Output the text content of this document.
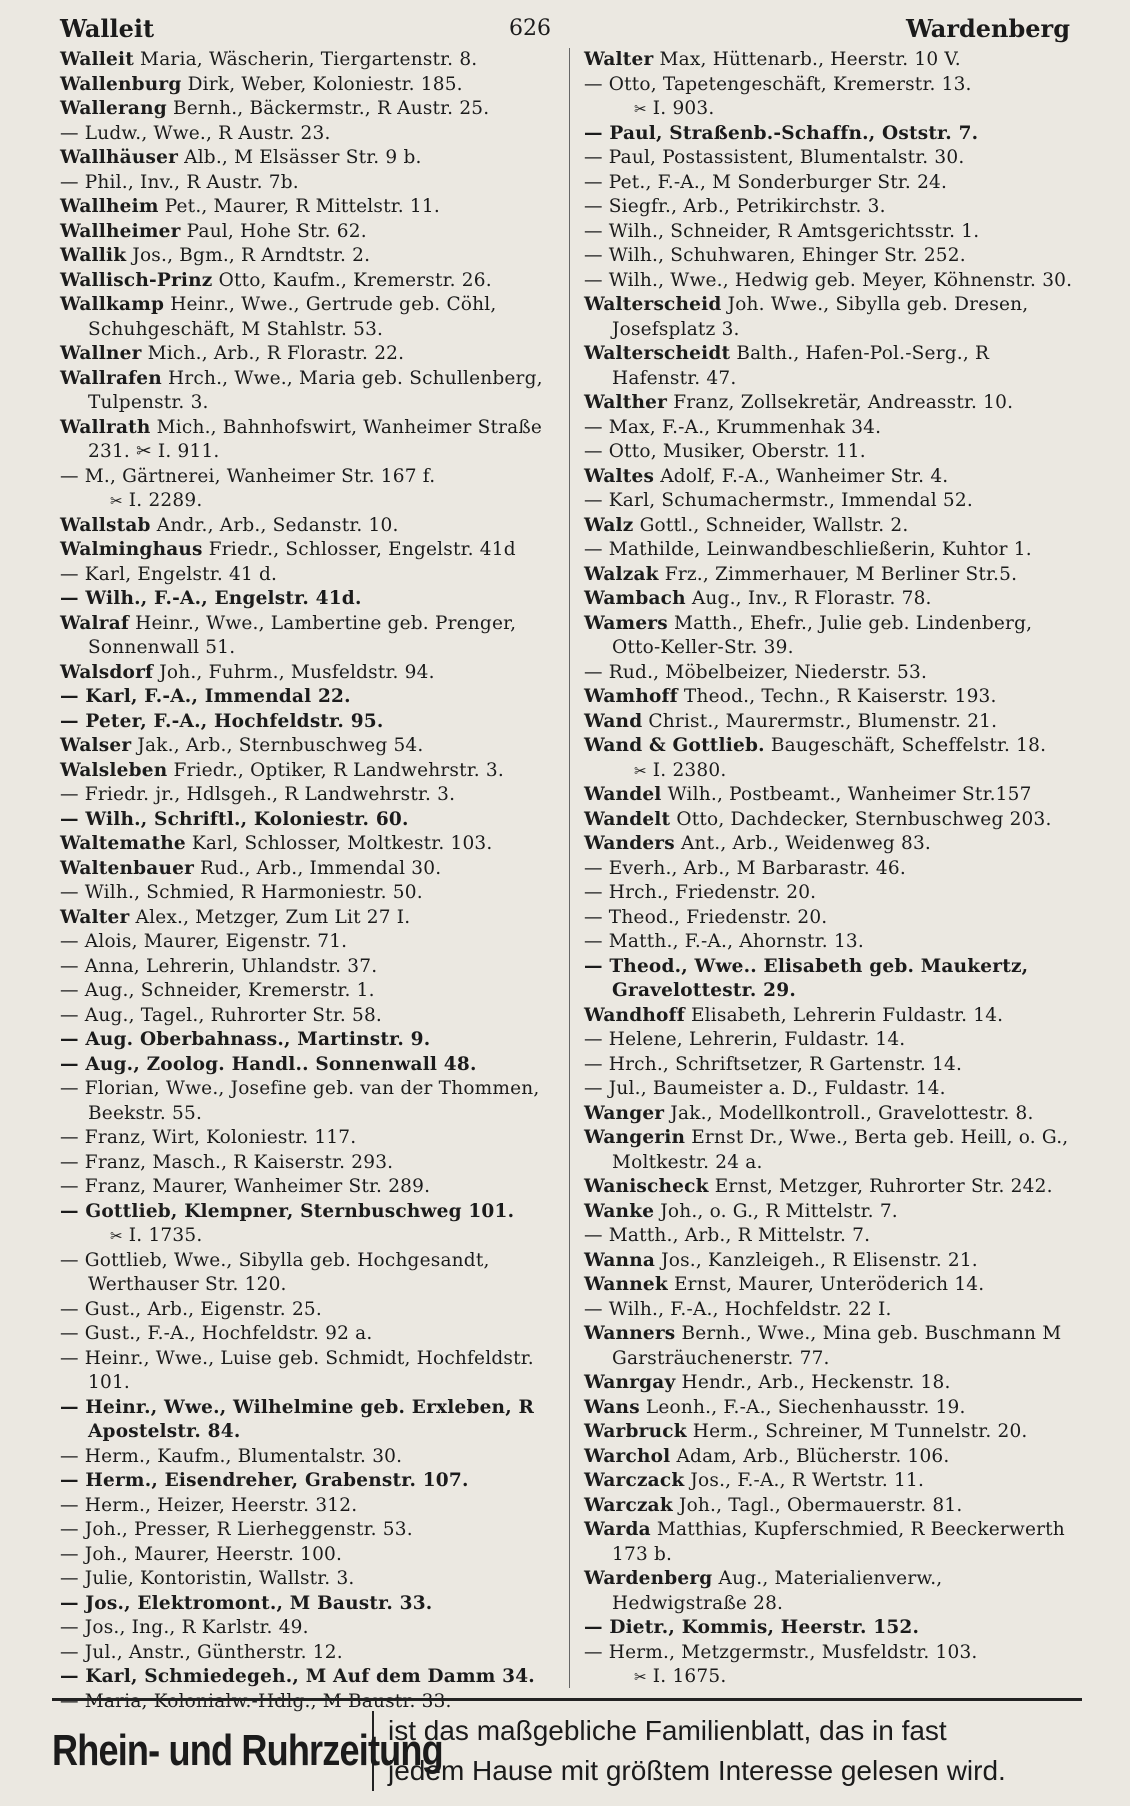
Walleit	626	Wardenberg
Walleit Maria, Wäscherin, Tiergartenstr. 8.
Wallenburg Dirk, Weber, Koloniestr. 185.
Wallerang Bernh., Bäckermstr., R Austr. 25.
— Ludw., Wwe., R Austr. 23.
Wallhäuser Alb., M Elsässer Str. 9 b.
— Phil., Inv., R Austr. 7b.
Wallheim Pet., Maurer, R Mittelstr. 11.
Wallheimer Paul, Hohe Str. 62.
Wallik Jos., Bgm., R Arndtstr. 2.
Wallisch-Prinz Otto, Kaufm., Kremerstr. 26.
Wallkamp Heinr., Wwe., Gertrude geb. Cöhl, Schuhgeschäft, M Stahlstr. 53.
Wallner Mich., Arb., R Florastr. 22.
Wallrafen Hrch., Wwe., Maria geb. Schullenberg, Tulpenstr. 3.
Wallrath Mich., Bahnhofswirt, Wanheimer Straße 231. ✂ I. 911.
— M., Gärtnerei, Wanheimer Str. 167 f.
✂ I. 2289.
Wallstab Andr., Arb., Sedanstr. 10.
Walminghaus Friedr., Schlosser, Engelstr. 41d
— Karl, Engelstr. 41 d.
— Wilh., F.-A., Engelstr. 41d.
Walraf Heinr., Wwe., Lambertine geb. Prenger, Sonnenwall 51.
Walsdorf Joh., Fuhrm., Musfeldstr. 94.
— Karl, F.-A., Immendal 22.
— Peter, F.-A., Hochfeldstr. 95.
Walser Jak., Arb., Sternbuschweg 54.
Walsleben Friedr., Optiker, R Landwehrstr. 3.
— Friedr. jr., Hdlsgeh., R Landwehrstr. 3.
— Wilh., Schriftl., Koloniestr. 60.
Waltemathe Karl, Schlosser, Moltkestr. 103.
Waltenbauer Rud., Arb., Immendal 30.
— Wilh., Schmied, R Harmoniestr. 50.
Walter Alex., Metzger, Zum Lit 27 I.
— Alois, Maurer, Eigenstr. 71.
— Anna, Lehrerin, Uhlandstr. 37.
— Aug., Schneider, Kremerstr. 1.
— Aug., Tagel., Ruhrorter Str. 58.
— Aug. Oberbahnass., Martinstr. 9.
— Aug., Zoolog. Handl.. Sonnenwall 48.
— Florian, Wwe., Josefine geb. van der Thommen, Beekstr. 55.
— Franz, Wirt, Koloniestr. 117.
— Franz, Masch., R Kaiserstr. 293.
— Franz, Maurer, Wanheimer Str. 289.
— Gottlieb, Klempner, Sternbuschweg 101.
✂ I. 1735.
— Gottlieb, Wwe., Sibylla geb. Hochgesandt, Werthauser Str. 120.
— Gust., Arb., Eigenstr. 25.
— Gust., F.-A., Hochfeldstr. 92 a.
— Heinr., Wwe., Luise geb. Schmidt, Hochfeldstr. 101.
— Heinr., Wwe., Wilhelmine geb. Erxleben, R Apostelstr. 84.
— Herm., Kaufm., Blumentalstr. 30.
— Herm., Eisendreher, Grabenstr. 107.
— Herm., Heizer, Heerstr. 312.
— Joh., Presser, R Lierheggenstr. 53.
— Joh., Maurer, Heerstr. 100.
— Julie, Kontoristin, Wallstr. 3.
— Jos., Elektromont., M Baustr. 33.
— Jos., Ing., R Karlstr. 49.
— Jul., Anstr., Güntherstr. 12.
— Karl, Schmiedegeh., M Auf dem Damm 34.
— Maria, Kolonialw.-Hdlg., M Baustr. 33.
Walter Max, Hüttenarb., Heerstr. 10 V.
— Otto, Tapetengeschäft, Kremerstr. 13.
✂ I. 903.
— Paul, Straßenb.-Schaffn., Oststr. 7.
— Paul, Postassistent, Blumentalstr. 30.
— Pet., F.-A., M Sonderburger Str. 24.
— Siegfr., Arb., Petrikirchstr. 3.
— Wilh., Schneider, R Amtsgerichtsstr. 1.
— Wilh., Schuhwaren, Ehinger Str. 252.
— Wilh., Wwe., Hedwig geb. Meyer, Köhnenstr. 30.
Walterscheid Joh. Wwe., Sibylla geb. Dresen, Josefsplatz 3.
Walterscheidt Balth., Hafen-Pol.-Serg., R Hafenstr. 47.
Walther Franz, Zollsekretär, Andreasstr. 10.
— Max, F.-A., Krummenhak 34.
— Otto, Musiker, Oberstr. 11.
Waltes Adolf, F.-A., Wanheimer Str. 4.
— Karl, Schumachermstr., Immendal 52.
Walz Gottl., Schneider, Wallstr. 2.
— Mathilde, Leinwandbeschließerin, Kuhtor 1.
Walzak Frz., Zimmerhauer, M Berliner Str.5.
Wambach Aug., Inv., R Florastr. 78.
Wamers Matth., Ehefr., Julie geb. Lindenberg, Otto-Keller-Str. 39.
— Rud., Möbelbeizer, Niederstr. 53.
Wamhoff Theod., Techn., R Kaiserstr. 193.
Wand Christ., Maurermstr., Blumenstr. 21.
Wand & Gottlieb. Baugeschäft, Scheffelstr. 18.
✂ I. 2380.
Wandel Wilh., Postbeamt., Wanheimer Str.157
Wandelt Otto, Dachdecker, Sternbuschweg 203.
Wanders Ant., Arb., Weidenweg 83.
— Everh., Arb., M Barbarastr. 46.
— Hrch., Friedenstr. 20.
— Theod., Friedenstr. 20.
— Matth., F.-A., Ahornstr. 13.
— Theod., Wwe.. Elisabeth geb. Maukertz, Gravelottestr. 29.
Wandhoff Elisabeth, Lehrerin Fuldastr. 14.
— Helene, Lehrerin, Fuldastr. 14.
— Hrch., Schriftsetzer, R Gartenstr. 14.
— Jul., Baumeister a. D., Fuldastr. 14.
Wanger Jak., Modellkontroll., Gravelottestr. 8.
Wangerin Ernst Dr., Wwe., Berta geb. Heill, o. G., Moltkestr. 24 a.
Wanischeck Ernst, Metzger, Ruhrorter Str. 242.
Wanke Joh., o. G., R Mittelstr. 7.
— Matth., Arb., R Mittelstr. 7.
Wanna Jos., Kanzleigeh., R Elisenstr. 21.
Wannek Ernst, Maurer, Unteröderich 14.
— Wilh., F.-A., Hochfeldstr. 22 I.
Wanners Bernh., Wwe., Mina geb. Buschmann M Garsträuchenerstr. 77.
Wanrgay Hendr., Arb., Heckenstr. 18.
Wans Leonh., F.-A., Siechenhausstr. 19.
Warbruck Herm., Schreiner, M Tunnelstr. 20.
Warchol Adam, Arb., Blücherstr. 106.
Warczack Jos., F.-A., R Wertstr. 11.
Warczak Joh., Tagl., Obermauerstr. 81.
Warda Matthias, Kupferschmied, R Beeckerwerth 173 b.
Wardenberg Aug., Materialienverw., Hedwigstraße 28.
— Dietr., Kommis, Heerstr. 152.
— Herm., Metzgermstr., Musfeldstr. 103.
✂ I. 1675.
Rhein- und Ruhrzeitung
ist das maßgebliche Familienblatt, das in fast
jedem Hause mit größtem Interesse gelesen wird.
